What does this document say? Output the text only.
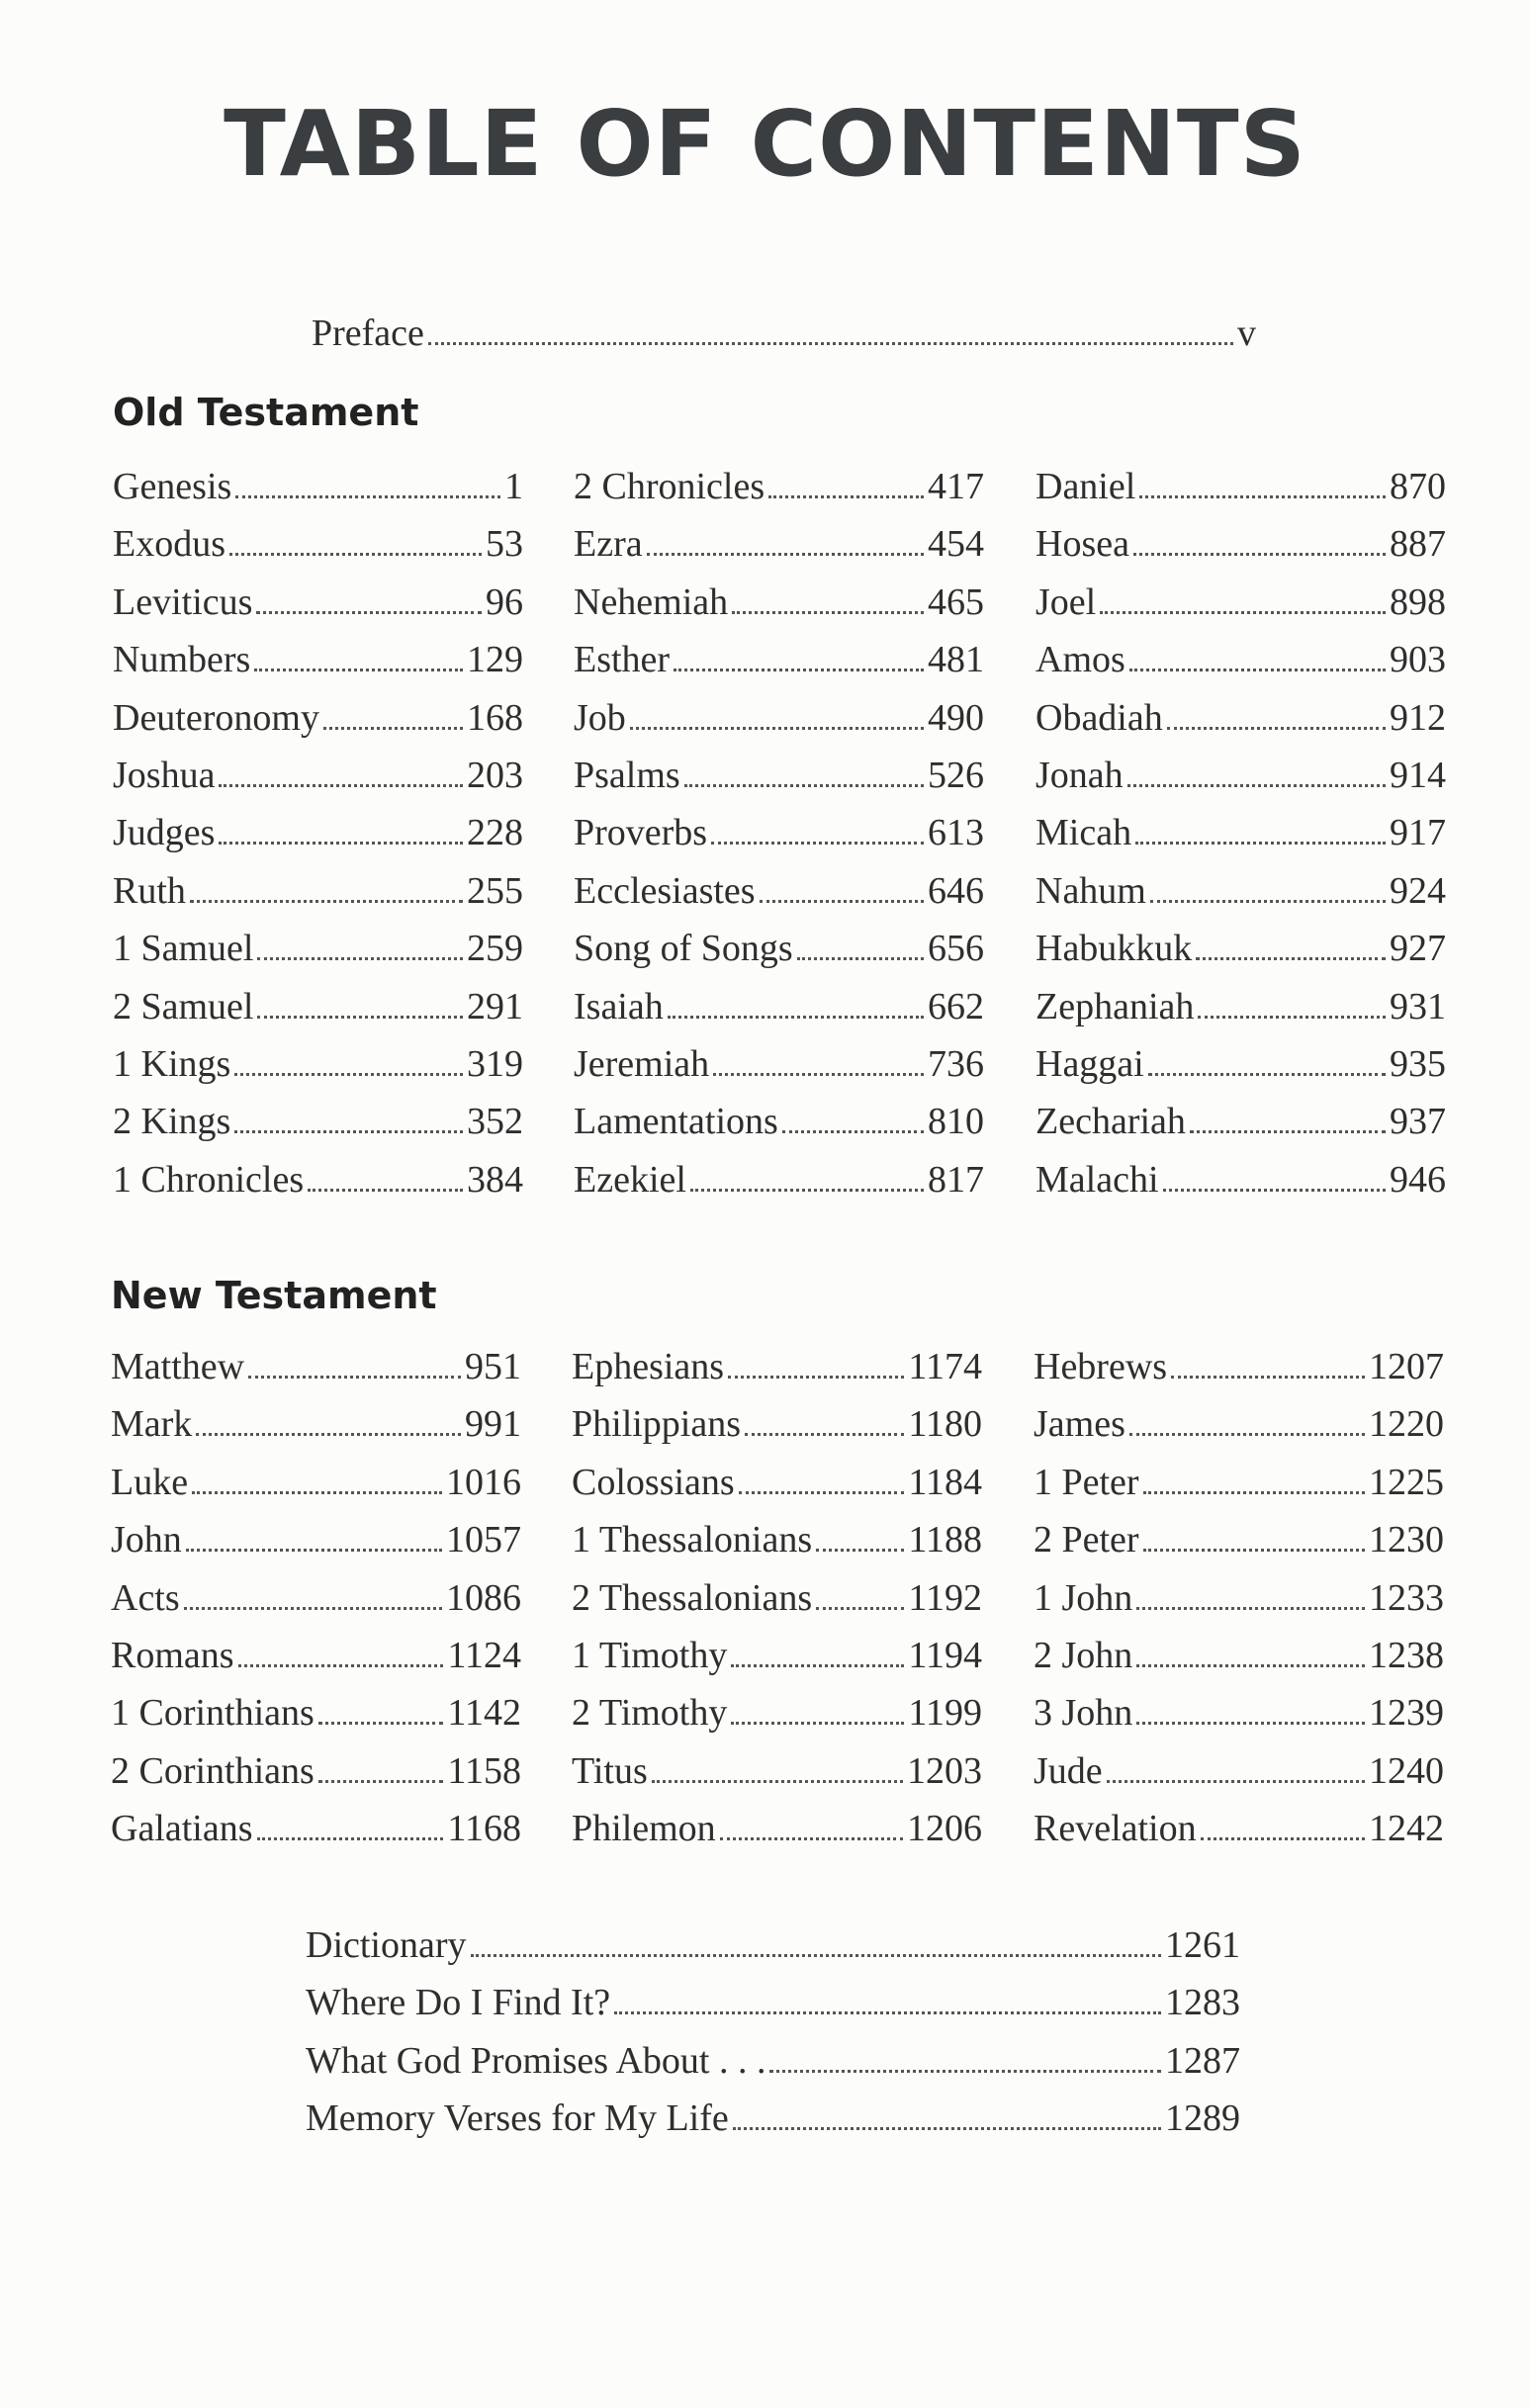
TABLE OF CONTENTS
Preface	v
Old Testament
Genesis	1
Exodus	53
Leviticus	96
Numbers	129
Deuteronomy	168
Joshua	203
Judges	228
Ruth	255
1 Samuel	259
2 Samuel	291
1 Kings	319
2 Kings	352
1 Chronicles	384
2 Chronicles	417
Ezra	454
Nehemiah	465
Esther	481
Job	490
Psalms	526
Proverbs	613
Ecclesiastes	646
Song of Songs	656
Isaiah	662
Jeremiah	736
Lamentations	810
Ezekiel	817
Daniel	870
Hosea	887
Joel	898
Amos	903
Obadiah	912
Jonah	914
Micah	917
Nahum	924
Habukkuk	927
Zephaniah	931
Haggai	935
Zechariah	937
Malachi	946
New Testament
Matthew	951
Mark	991
Luke	1016
John	1057
Acts	1086
Romans	1124
1 Corinthians	1142
2 Corinthians	1158
Galatians	1168
Ephesians	1174
Philippians	1180
Colossians	1184
1 Thessalonians	1188
2 Thessalonians	1192
1 Timothy	1194
2 Timothy	1199
Titus	1203
Philemon	1206
Hebrews	1207
James	1220
1 Peter	1225
2 Peter	1230
1 John	1233
2 John	1238
3 John	1239
Jude	1240
Revelation	1242
Dictionary	1261
Where Do I Find It?	1283
What God Promises About . . .	1287
Memory Verses for My Life	1289
